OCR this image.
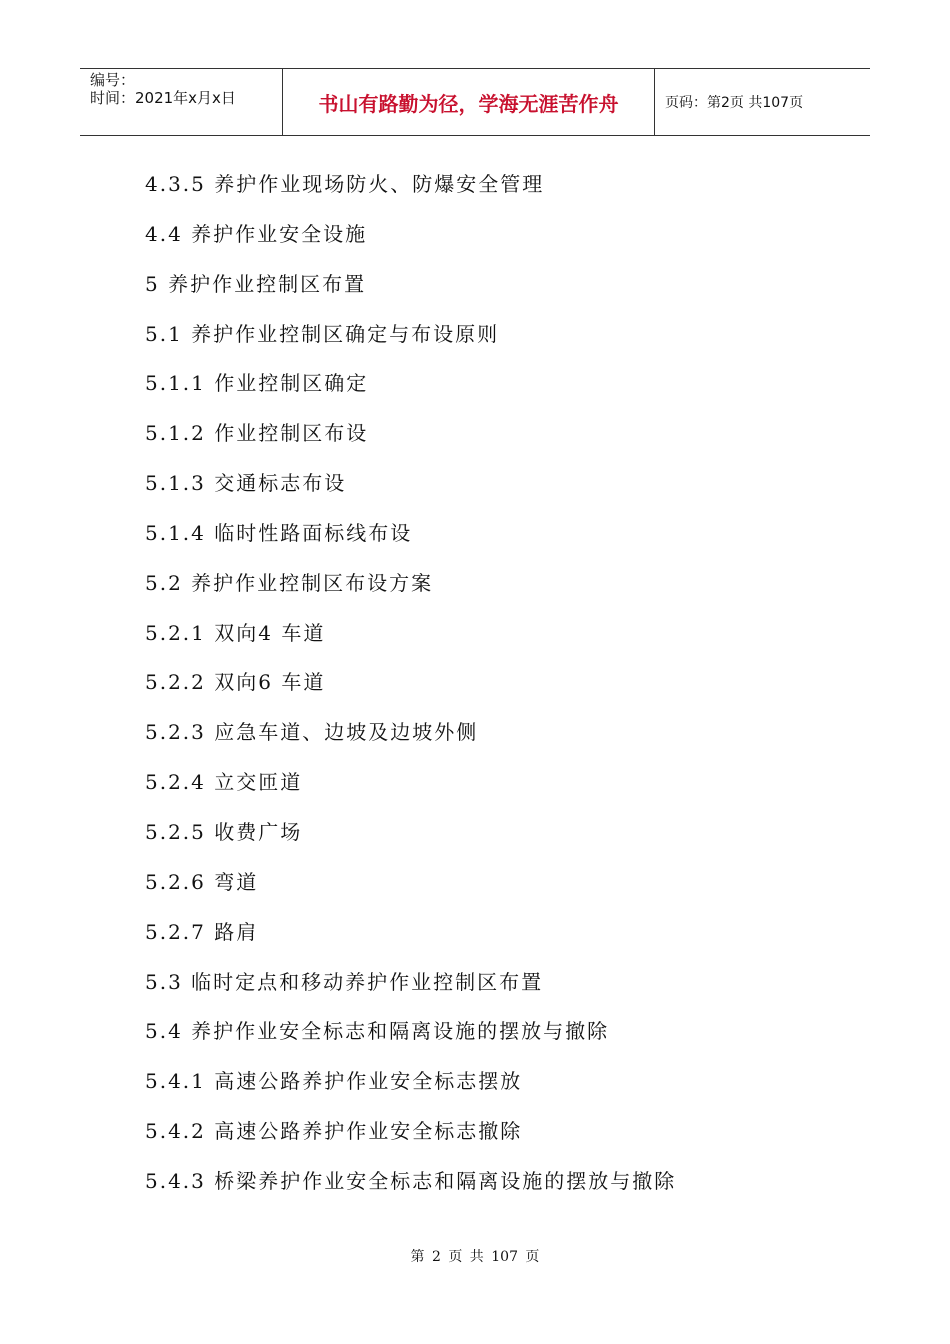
编号：
时间：2021年x月x日	书山有路勤为径，学海无涯苦作舟	页码：第2页 共107页
4.3.5 养护作业现场防火、防爆安全管理
4.4 养护作业安全设施
5 养护作业控制区布置
5.1 养护作业控制区确定与布设原则
5.1.1 作业控制区确定
5.1.2 作业控制区布设
5.1.3 交通标志布设
5.1.4 临时性路面标线布设
5.2 养护作业控制区布设方案
5.2.1 双向4 车道
5.2.2 双向6 车道
5.2.3 应急车道、边坡及边坡外侧
5.2.4 立交匝道
5.2.5 收费广场
5.2.6 弯道
5.2.7 路肩
5.3 临时定点和移动养护作业控制区布置
5.4 养护作业安全标志和隔离设施的摆放与撤除
5.4.1 高速公路养护作业安全标志摆放
5.4.2 高速公路养护作业安全标志撤除
5.4.3 桥梁养护作业安全标志和隔离设施的摆放与撤除
第 2 页 共 107 页
